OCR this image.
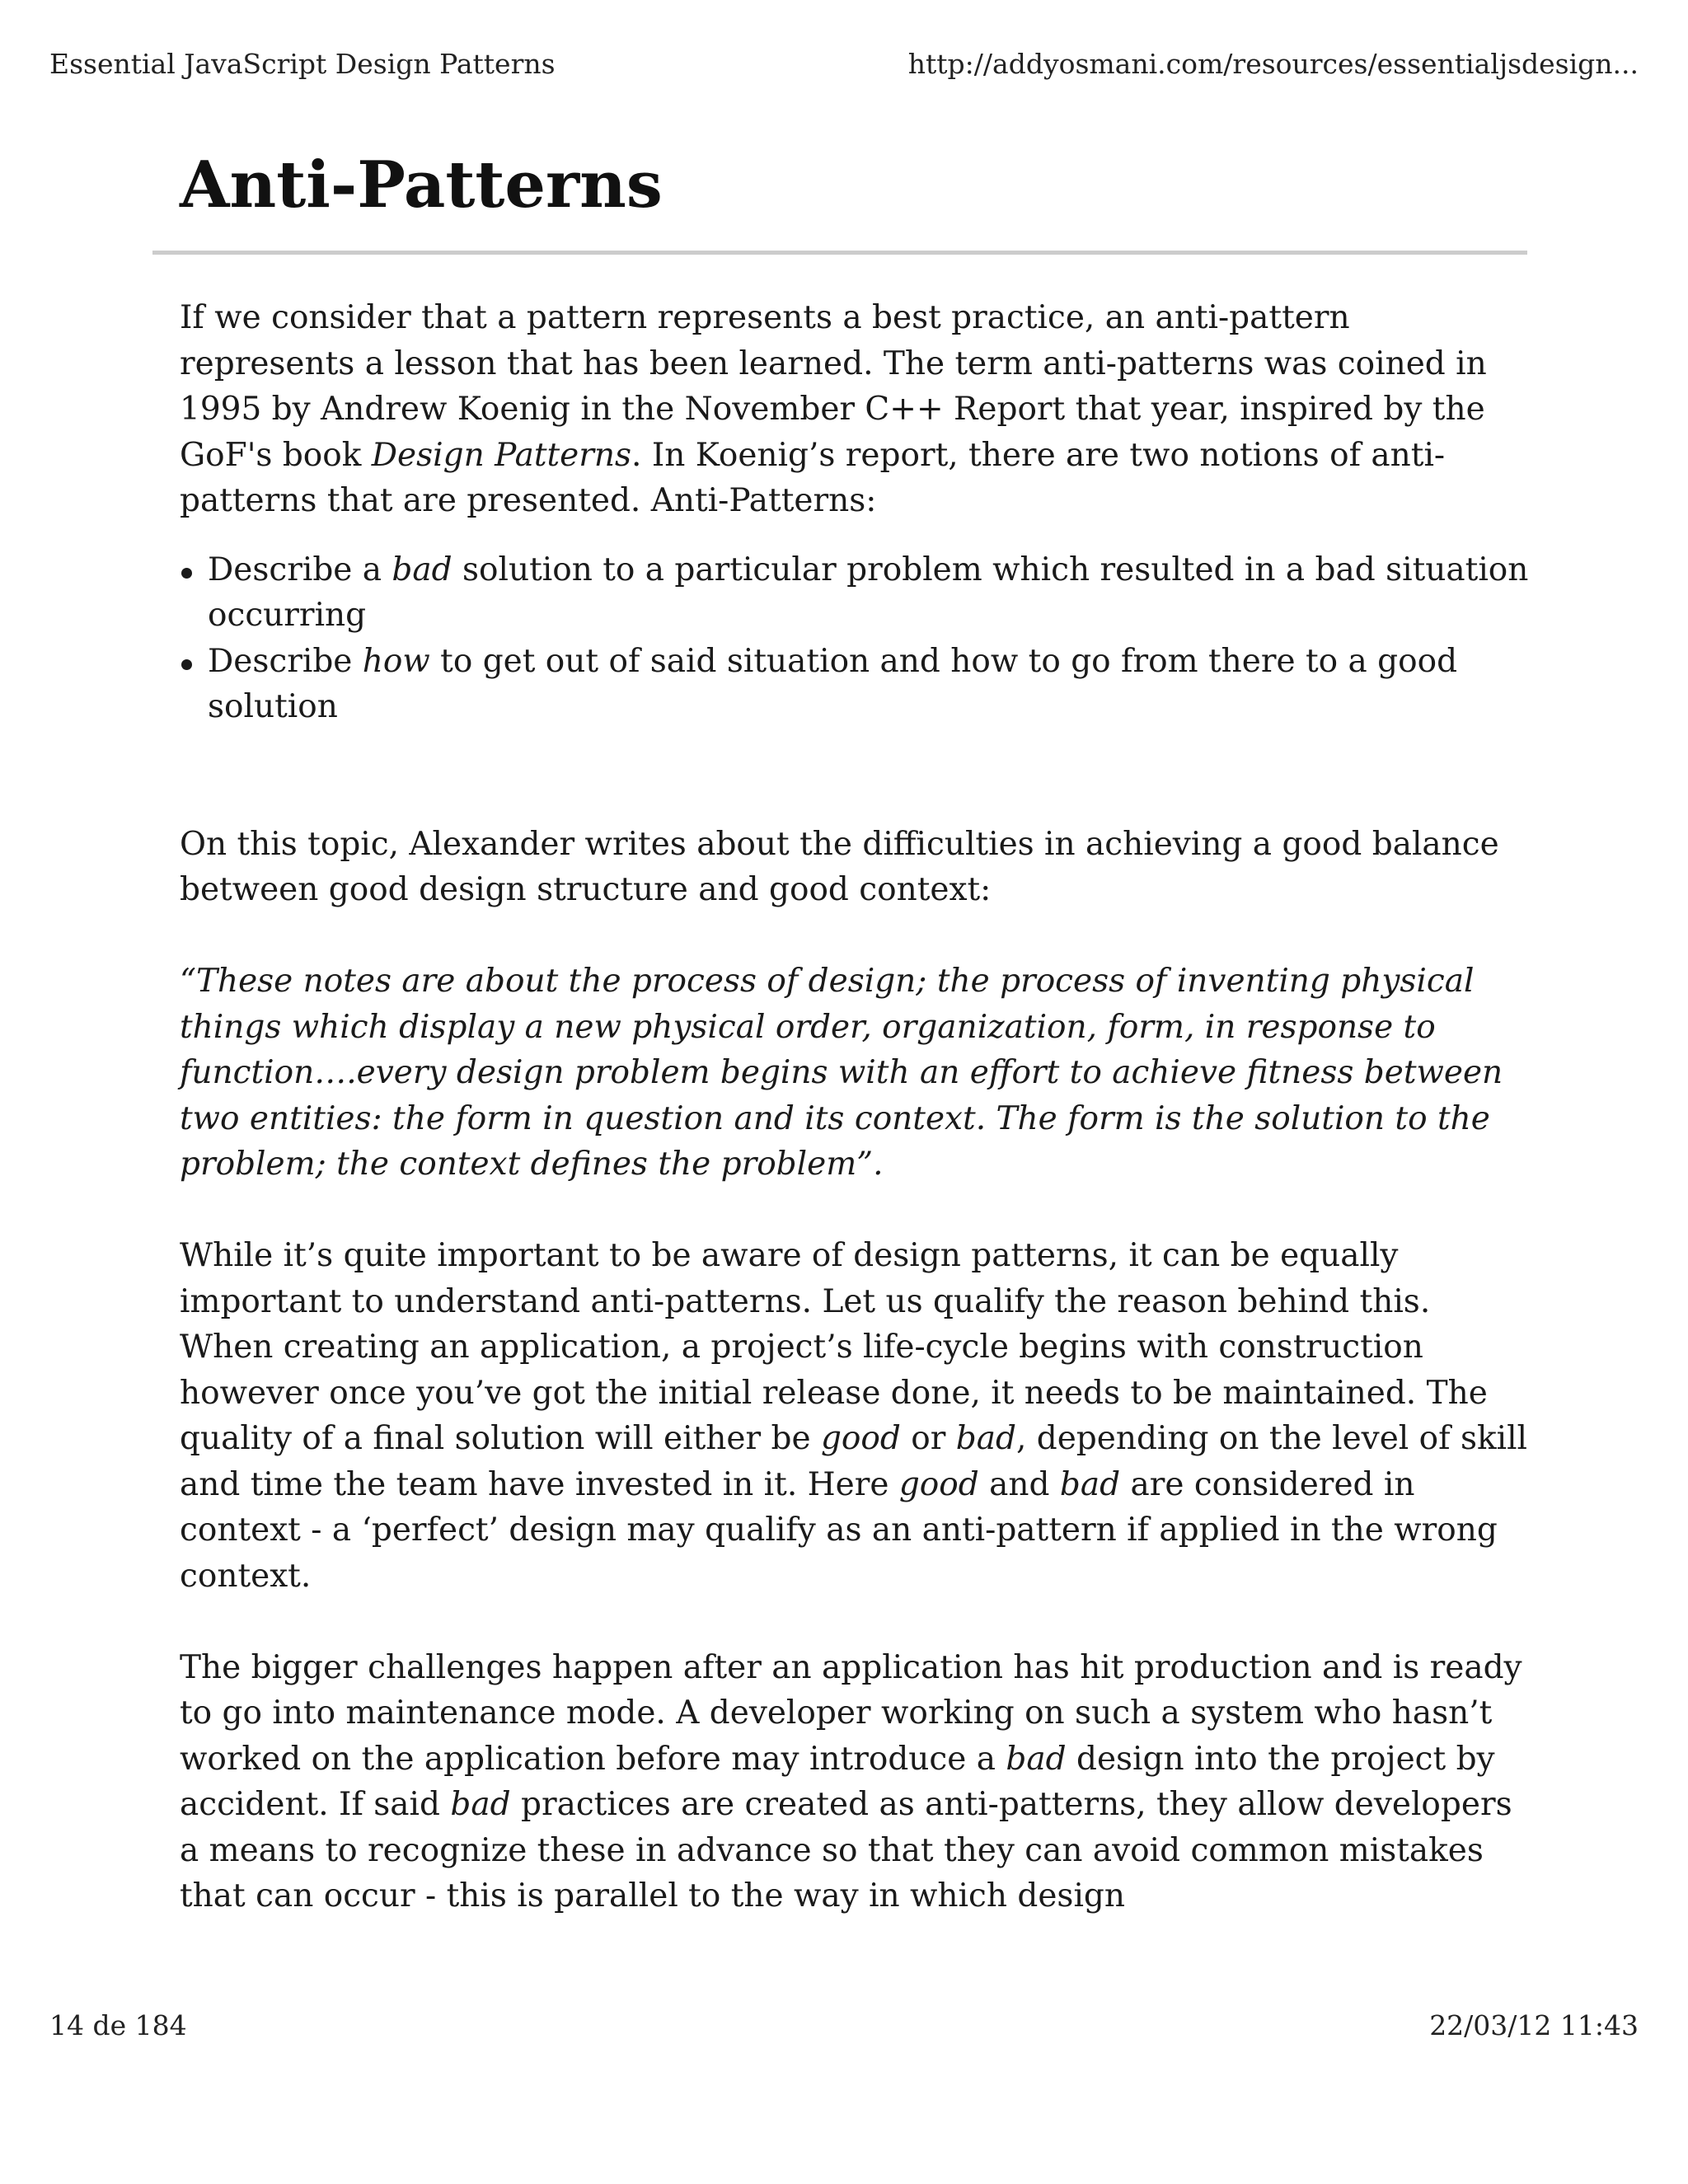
Essential JavaScript Design Patterns	http://addyosmani.com/resources/essentialjsdesign...
Anti-Patterns

If we consider that a pattern represents a best practice, an anti-pattern represents a lesson that has been learned. The term anti-patterns was coined in 1995 by Andrew Koenig in the November C++ Report that year, inspired by the GoF's book Design Patterns. In Koenig’s report, there are two notions of anti-patterns that are presented. Anti-Patterns:

Describe a bad solution to a particular problem which resulted in a bad situation occurring
Describe how to get out of said situation and how to go from there to a good solution

On this topic, Alexander writes about the difficulties in achieving a good balance between good design structure and good context:

“These notes are about the process of design; the process of inventing physical things which display a new physical order, organization, form, in response to function….every design problem begins with an effort to achieve fitness between two entities: the form in question and its context. The form is the solution to the problem; the context defines the problem”.

While it’s quite important to be aware of design patterns, it can be equally important to understand anti-patterns. Let us qualify the reason behind this. When creating an application, a project’s life-cycle begins with construction however once you’ve got the initial release done, it needs to be maintained. The quality of a final solution will either be good or bad, depending on the level of skill and time the team have invested in it. Here good and bad are considered in context - a ‘perfect’ design may qualify as an anti-pattern if applied in the wrong context.

The bigger challenges happen after an application has hit production and is ready to go into maintenance mode. A developer working on such a system who hasn’t worked on the application before may introduce a bad design into the project by accident. If said bad practices are created as anti-patterns, they allow developers a means to recognize these in advance so that they can avoid common mistakes that can occur - this is parallel to the way in which design

14 de 184	22/03/12 11:43
